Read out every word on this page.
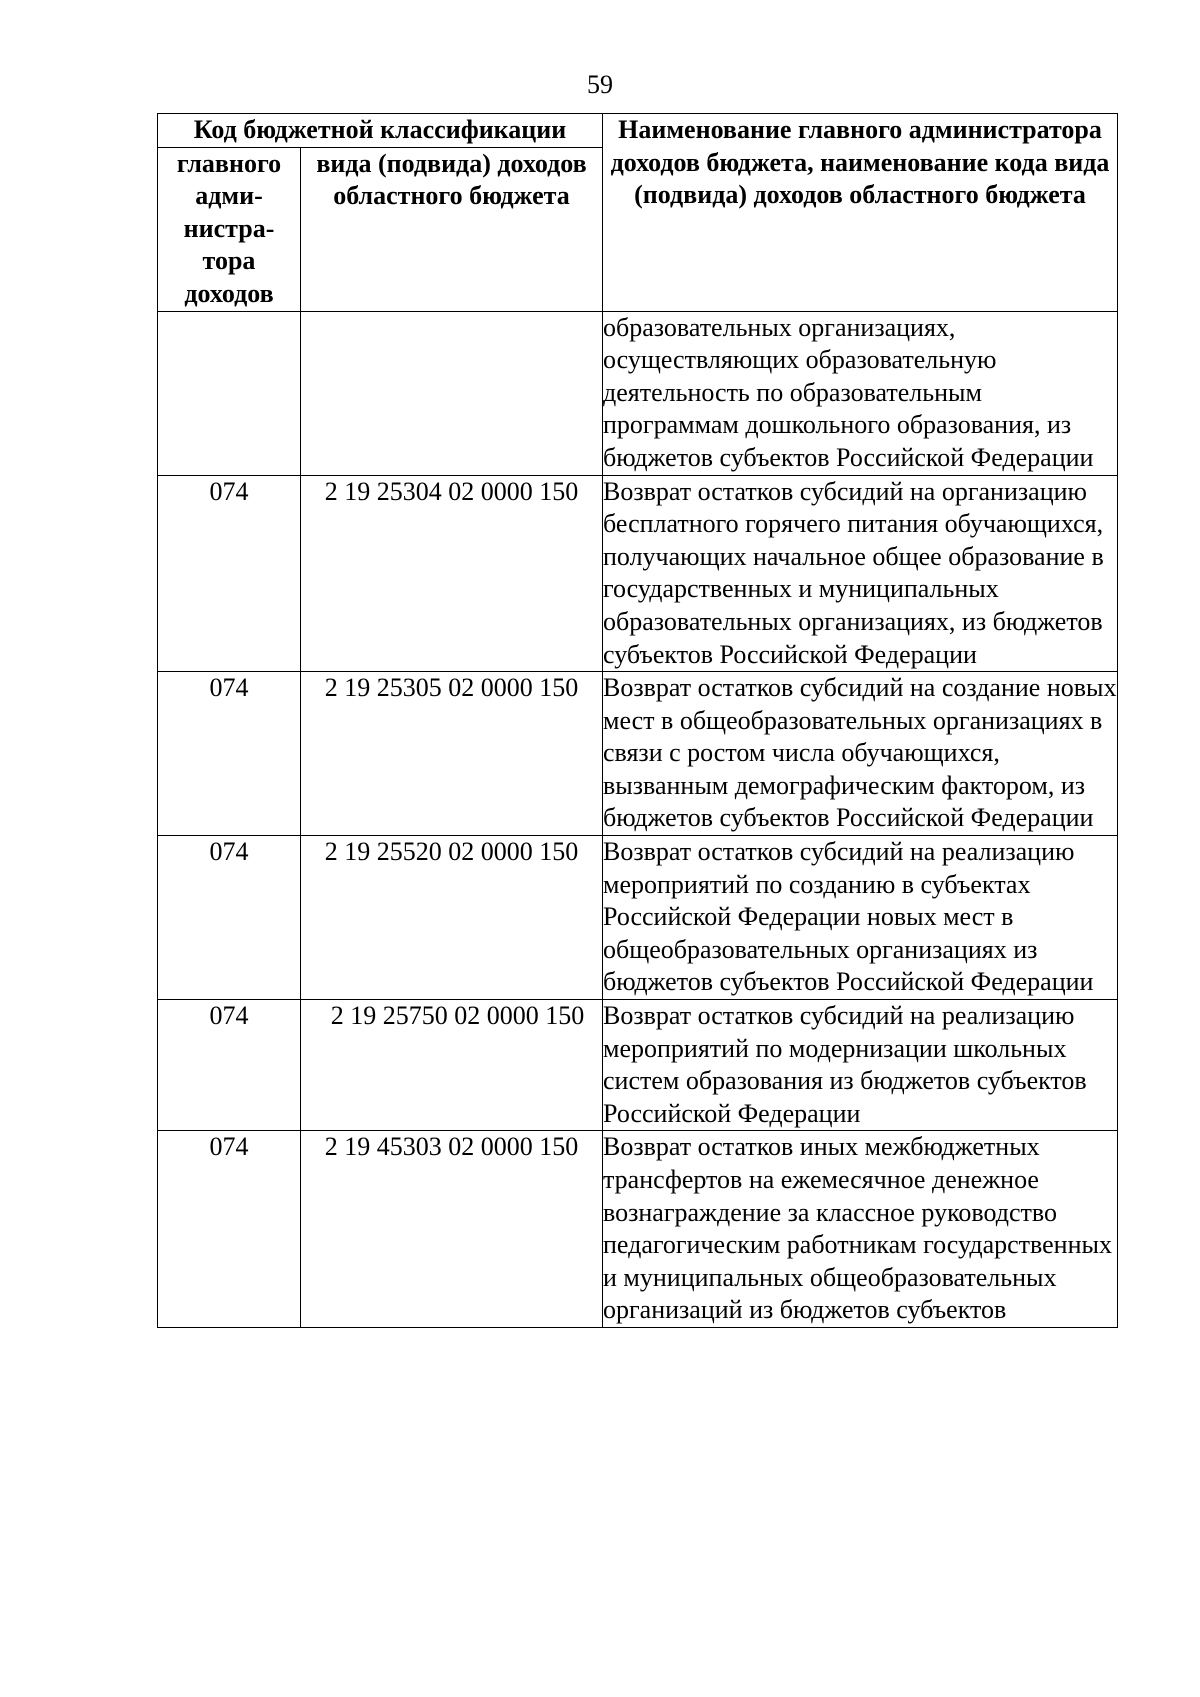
59
Код бюджетной классификации		Наименование главного администратора доходов бюджета, наименование кода вида (подвида) доходов областного бюджета
главного адми-нистра-тора доходов	вида (подвида) доходов областного бюджета	
		образовательных организациях, осуществляющих образовательную деятельность по образовательным программам дошкольного образования, из бюджетов субъектов Российской Федерации
074	2 19 25304 02 0000 150	Возврат остатков субсидий на организацию бесплатного горячего питания обучающихся, получающих начальное общее образование в государственных и муниципальных образовательных организациях, из бюджетов субъектов Российской Федерации
074	2 19 25305 02 0000 150	Возврат остатков субсидий на создание новых мест в общеобразовательных организациях в связи с ростом числа обучающихся, вызванным демографическим фактором, из бюджетов субъектов Российской Федерации
074	2 19 25520 02 0000 150	Возврат остатков субсидий на реализацию мероприятий по созданию в субъектах Российской Федерации новых мест в общеобразовательных организациях из бюджетов субъектов Российской Федерации
074	2 19 25750 02 0000 150	Возврат остатков субсидий на реализацию мероприятий по модернизации школьных систем образования из бюджетов субъектов Российской Федерации
074	2 19 45303 02 0000 150	Возврат остатков иных межбюджетных трансфертов на ежемесячное денежное вознаграждение за классное руководство педагогическим работникам государственных и муниципальных общеобразовательных организаций из бюджетов субъектов
